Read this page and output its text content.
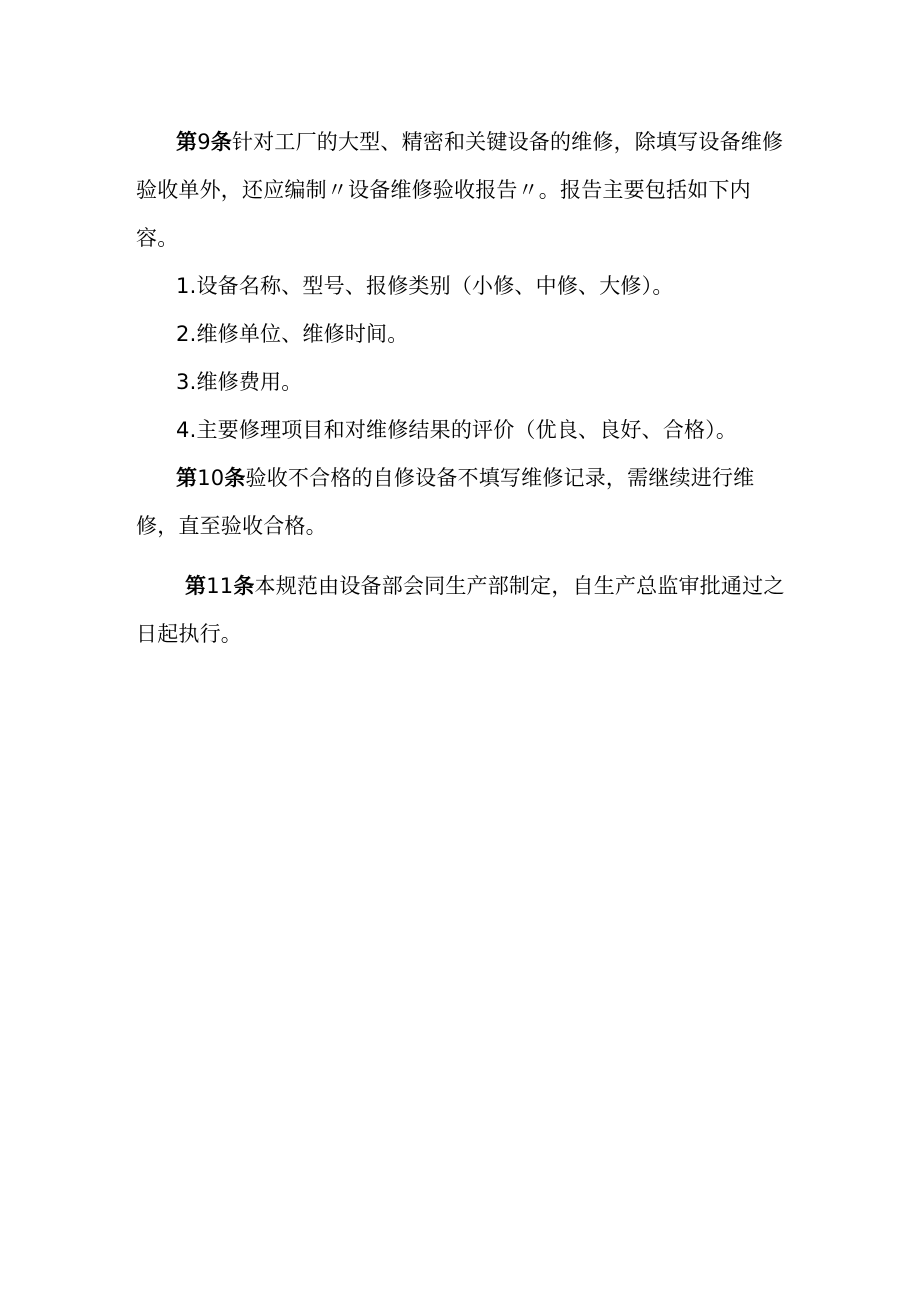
第9条针对工厂的大型、精密和关键设备的维修，除填写设备维修验收单外，还应编制〃设备维修验收报告〃。报告主要包括如下内容。

1.设备名称、型号、报修类别（小修、中修、大修）。

2.维修单位、维修时间。

3.维修费用。

4.主要修理项目和对维修结果的评价（优良、良好、合格）。

第10条验收不合格的自修设备不填写维修记录，需继续进行维修，直至验收合格。

第11条本规范由设备部会同生产部制定，自生产总监审批通过之日起执行。
